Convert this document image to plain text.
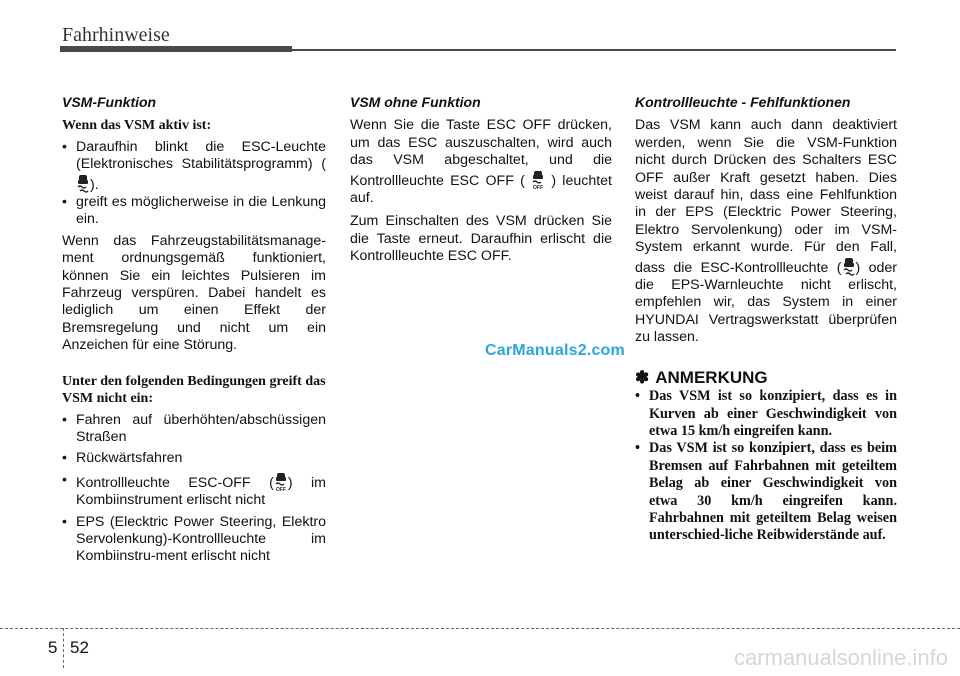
Fahrhinweise
VSM-Funktion
Wenn das VSM aktiv ist:
• Daraufhin blinkt die ESC-Leuchte (Elektronisches Stabilitätsprogramm) ().
• greift es möglicherweise in die Lenkung ein.

Wenn das Fahrzeugstabilitätsmanage-ment ordnungsgemäß funktioniert, können Sie ein leichtes Pulsieren im Fahrzeug verspüren. Dabei handelt es lediglich um einen Effekt der Bremsregelung und nicht um ein Anzeichen für eine Störung.

Unter den folgenden Bedingungen greift das VSM nicht ein:
• Fahren auf überhöhten/abschüssigen Straßen
• Rückwärtsfahren
• Kontrollleuchte ESC-OFF ( OFF ) im Kombiinstrument erlischt nicht
• EPS (Elecktric Power Steering, Elektro Servolenkung)-Kontrollleuchte im Kombiinstru-ment erlischt nicht
VSM ohne Funktion

Wenn Sie die Taste ESC OFF drücken, um das ESC auszuschalten, wird auch das VSM abgeschaltet, und die Kontrollleuchte ESC OFF ( OFF ) leuchtet auf.

Zum Einschalten des VSM drücken Sie die Taste erneut. Daraufhin erlischt die Kontrollleuchte ESC OFF.

Kontrollleuchte - Fehlfunktionen

Das VSM kann auch dann deaktiviert werden, wenn Sie die VSM-Funktion nicht durch Drücken des Schalters ESC OFF außer Kraft gesetzt haben. Dies weist darauf hin, dass eine Fehlfunktion in der EPS (Elecktric Power Steering, Elektro Servolenkung) oder im VSM-System erkannt wurde. Für den Fall, dass die ESC-Kontrollleuchte ( ) oder die EPS-Warnleuchte nicht erlischt, empfehlen wir, das System in einer HYUNDAI Vertragswerkstatt überprüfen zu lassen.

✽ ANMERKUNG
• Das VSM ist so konzipiert, dass es in Kurven ab einer Geschwindigkeit von etwa 15 km/h eingreifen kann.
• Das VSM ist so konzipiert, dass es beim Bremsen auf Fahrbahnen mit geteiltem Belag ab einer Geschwindigkeit von etwa 30 km/h eingreifen kann. Fahrbahnen mit geteiltem Belag weisen unterschied-liche Reibwiderstände auf.
CarManuals2.com
5 52	carmanualsonline.info
